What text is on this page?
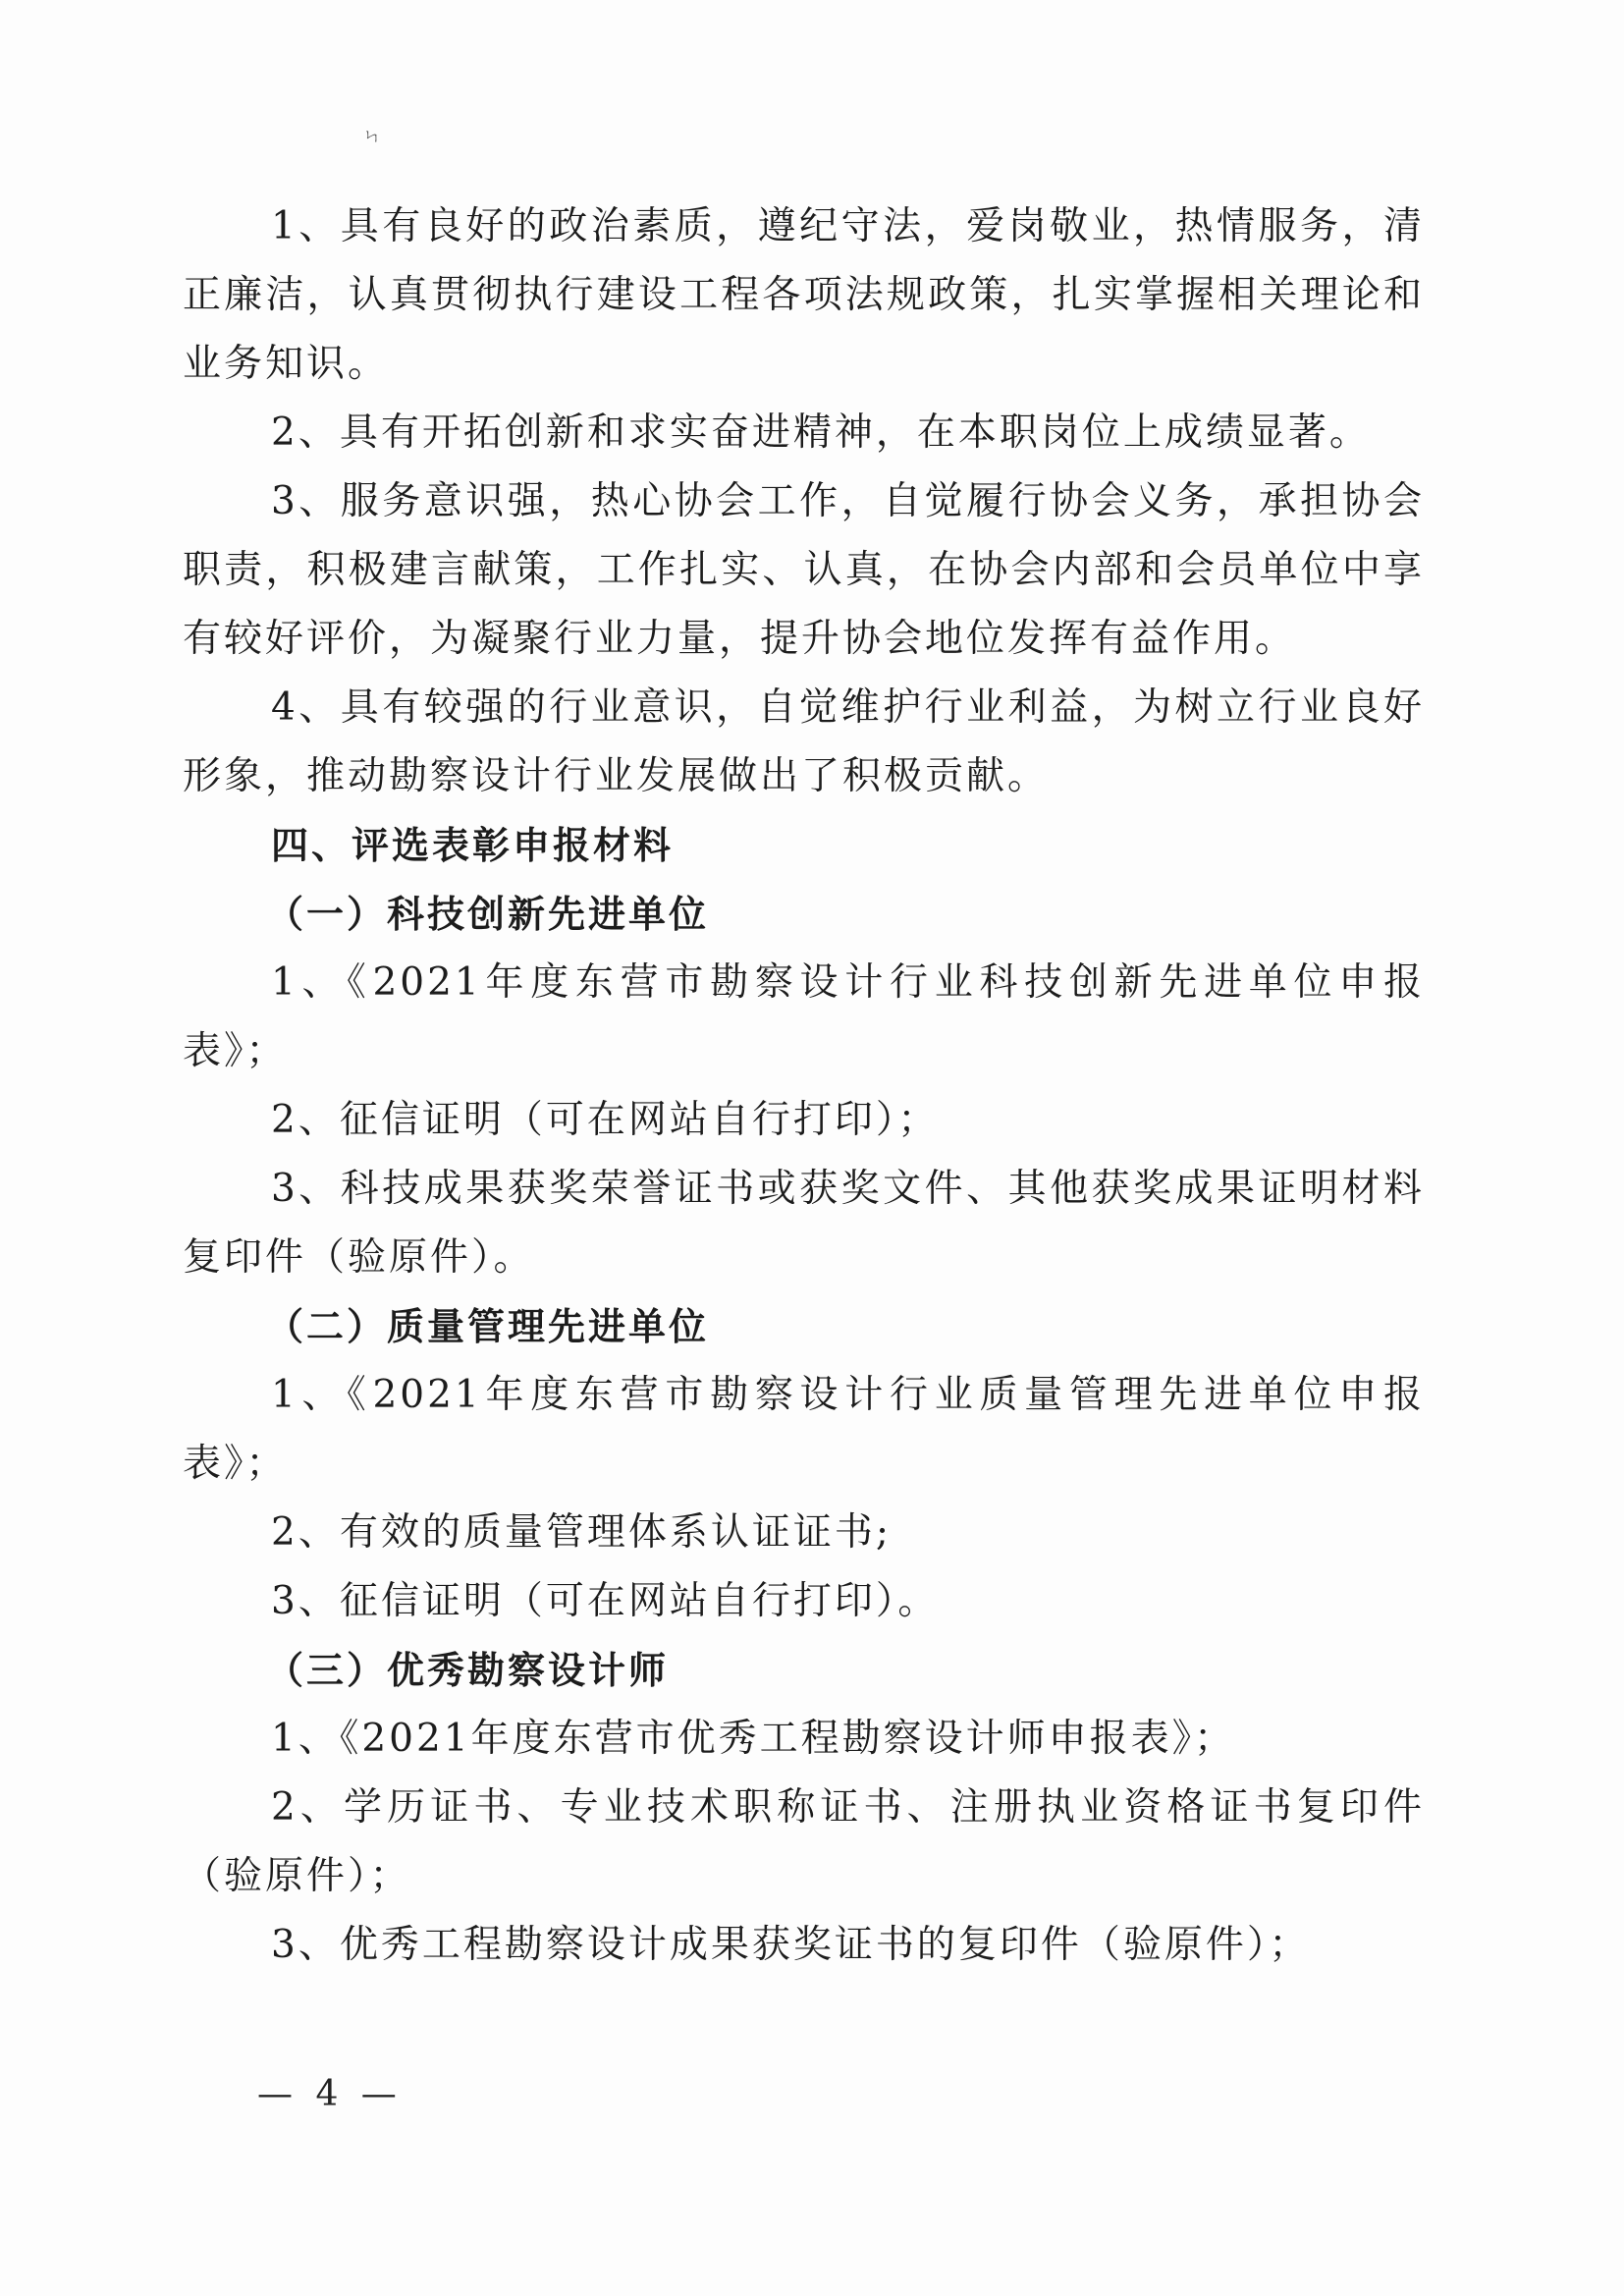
ㄣ

1、具有良好的政治素质，遵纪守法，爱岗敬业，热情服务，清正廉洁，认真贯彻执行建设工程各项法规政策，扎实掌握相关理论和业务知识。

2、具有开拓创新和求实奋进精神，在本职岗位上成绩显著。

3、服务意识强，热心协会工作，自觉履行协会义务，承担协会职责，积极建言献策，工作扎实、认真，在协会内部和会员单位中享有较好评价，为凝聚行业力量，提升协会地位发挥有益作用。

4、具有较强的行业意识，自觉维护行业利益，为树立行业良好形象，推动勘察设计行业发展做出了积极贡献。

四、评选表彰申报材料

（一）科技创新先进单位

1、《2021年度东营市勘察设计行业科技创新先进单位申报表》；

2、征信证明（可在网站自行打印）；

3、科技成果获奖荣誉证书或获奖文件、其他获奖成果证明材料复印件（验原件）。

（二）质量管理先进单位

1、《2021年度东营市勘察设计行业质量管理先进单位申报表》；

2、有效的质量管理体系认证证书;

3、征信证明（可在网站自行打印）。

（三）优秀勘察设计师

1、《2021年度东营市优秀工程勘察设计师申报表》；

2、学历证书、专业技术职称证书、注册执业资格证书复印件（验原件）；

3、优秀工程勘察设计成果获奖证书的复印件（验原件）；

— 4 —
